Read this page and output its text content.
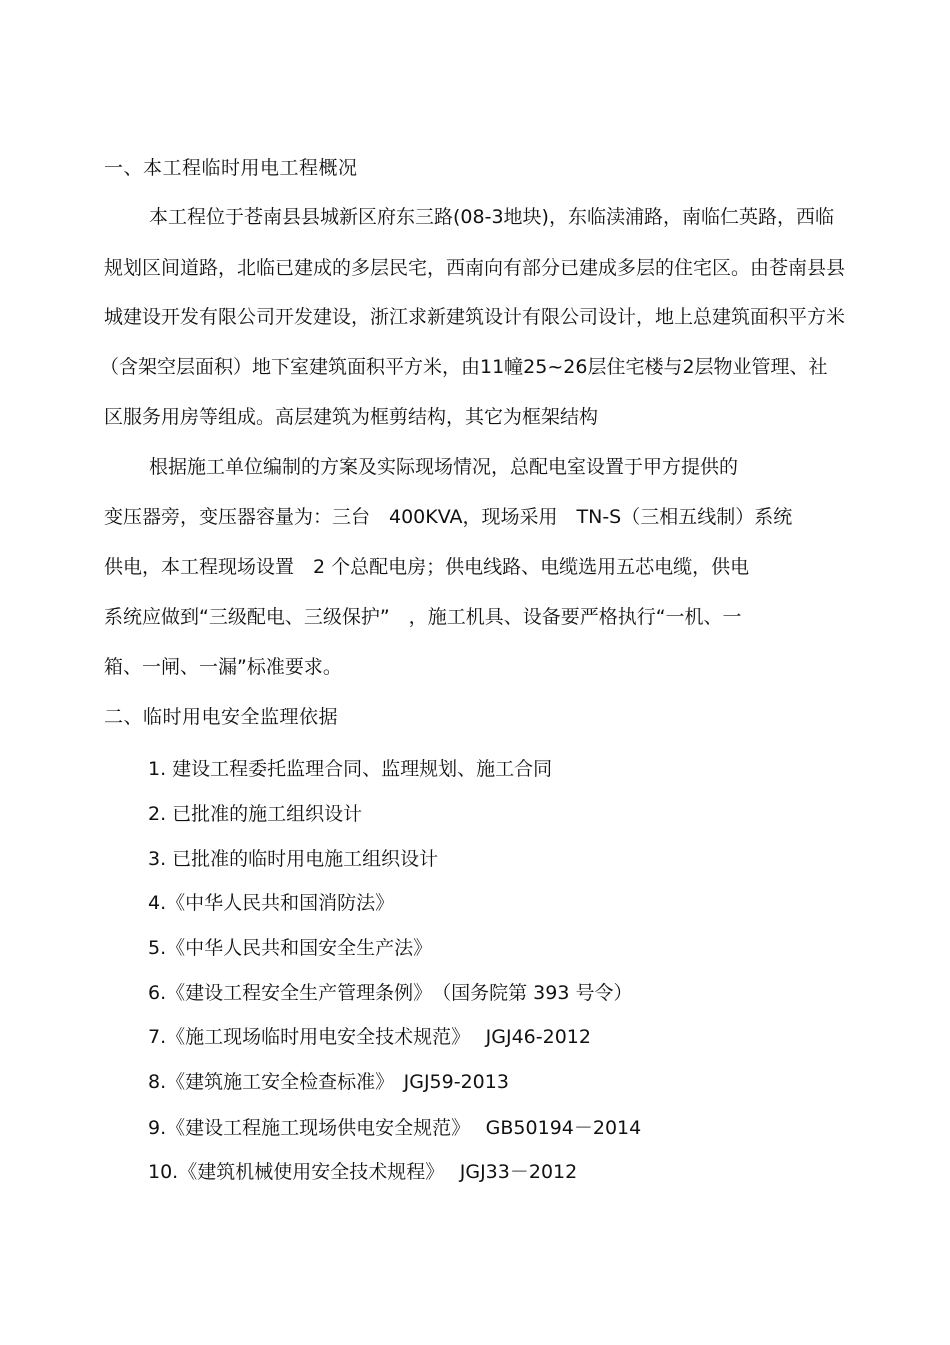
一、本工程临时用电工程概况
本工程位于苍南县县城新区府东三路(08-3地块)，东临渎浦路，南临仁英路，西临
规划区间道路，北临已建成的多层民宅，西南向有部分已建成多层的住宅区。由苍南县县
城建设开发有限公司开发建设，浙江求新建筑设计有限公司设计，地上总建筑面积平方米
（含架空层面积）地下室建筑面积平方米，由11幢25~26层住宅楼与2层物业管理、社
区服务用房等组成。高层建筑为框剪结构，其它为框架结构
根据施工单位编制的方案及实际现场情况，总配电室设置于甲方提供的
变压器旁，变压器容量为：三台　400KVA，现场采用　TN-S（三相五线制）系统
供电，本工程现场设置　2 个总配电房；供电线路、电缆选用五芯电缆，供电
系统应做到“三级配电、三级保护”　，施工机具、设备要严格执行“一机、一
箱、一闸、一漏”标准要求。
二、临时用电安全监理依据
1. 建设工程委托监理合同、监理规划、施工合同
2. 已批准的施工组织设计
3. 已批准的临时用电施工组织设计
4.《中华人民共和国消防法》
5.《中华人民共和国安全生产法》
6.《建设工程安全生产管理条例》　（国务院第 393 号令）
7.《施工现场临时用电安全技术规范》　 JGJ46-2012
8.《建筑施工安全检查标准》　JGJ59-2013
9.《建设工程施工现场供电安全规范》　 GB50194－2014
10.《建筑机械使用安全技术规程》　 JGJ33－2012
